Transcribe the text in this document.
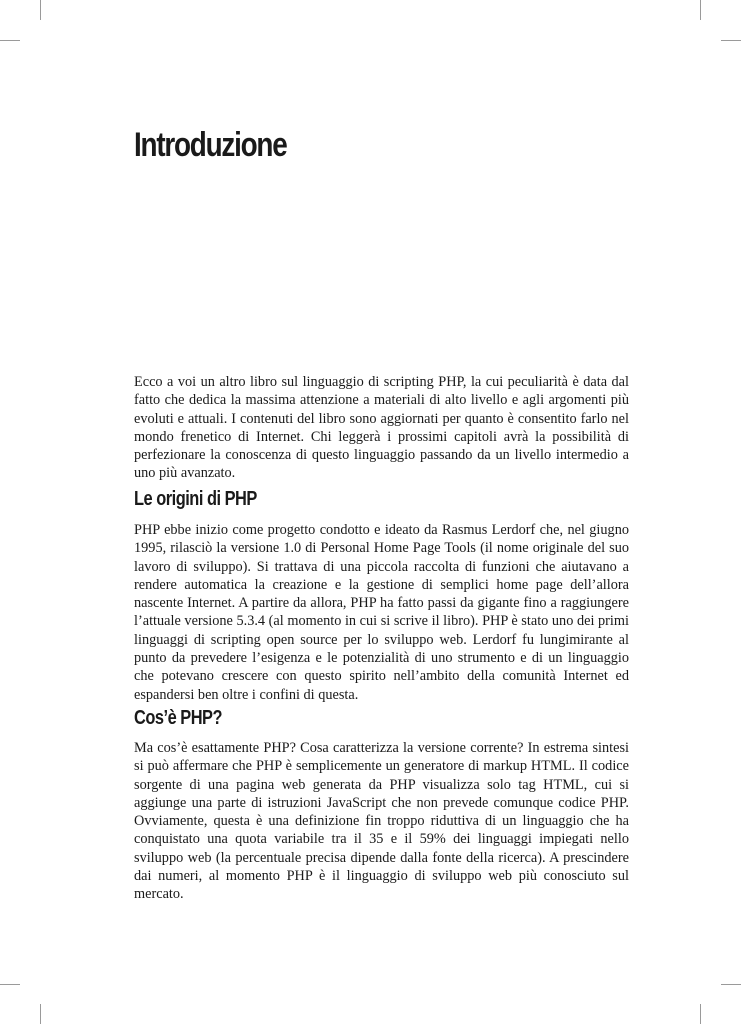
Introduzione

Ecco a voi un altro libro sul linguaggio di scripting PHP, la cui peculiarità è data dal fatto che dedica la massima attenzione a materiali di alto livello e agli argomenti più evoluti e attuali. I contenuti del libro sono aggiornati per quanto è consentito farlo nel mondo frenetico di Internet. Chi leggerà i prossimi capitoli avrà la possibilità di perfezionare la conoscenza di questo linguaggio passando da un livello intermedio a uno più avanzato.

Le origini di PHP

PHP ebbe inizio come progetto condotto e ideato da Rasmus Lerdorf che, nel giugno 1995, rilasciò la versione 1.0 di Personal Home Page Tools (il nome originale del suo lavoro di sviluppo). Si trattava di una piccola raccolta di funzioni che aiutavano a rendere automatica la creazione e la gestione di semplici home page dell’allora nascente Internet. A partire da allora, PHP ha fatto passi da gigante fino a raggiungere l’attuale versione 5.3.4 (al momento in cui si scrive il libro). PHP è stato uno dei primi linguaggi di scripting open source per lo sviluppo web. Lerdorf fu lungimirante al punto da prevedere l’esigenza e le potenzialità di uno strumento e di un linguaggio che potevano crescere con questo spirito nell’ambito della comunità Internet ed espandersi ben oltre i confini di questa.

Cos’è PHP?

Ma cos’è esattamente PHP? Cosa caratterizza la versione corrente? In estrema sintesi si può affermare che PHP è semplicemente un generatore di markup HTML. Il codice sorgente di una pagina web generata da PHP visualizza solo tag HTML, cui si aggiunge una parte di istruzioni JavaScript che non prevede comunque codice PHP. Ovviamente, questa è una definizione fin troppo riduttiva di un linguaggio che ha conquistato una quota variabile tra il 35 e il 59% dei linguaggi impiegati nello sviluppo web (la percentuale precisa dipende dalla fonte della ricerca). A prescindere dai numeri, al momento PHP è il linguaggio di sviluppo web più conosciuto sul mercato.
